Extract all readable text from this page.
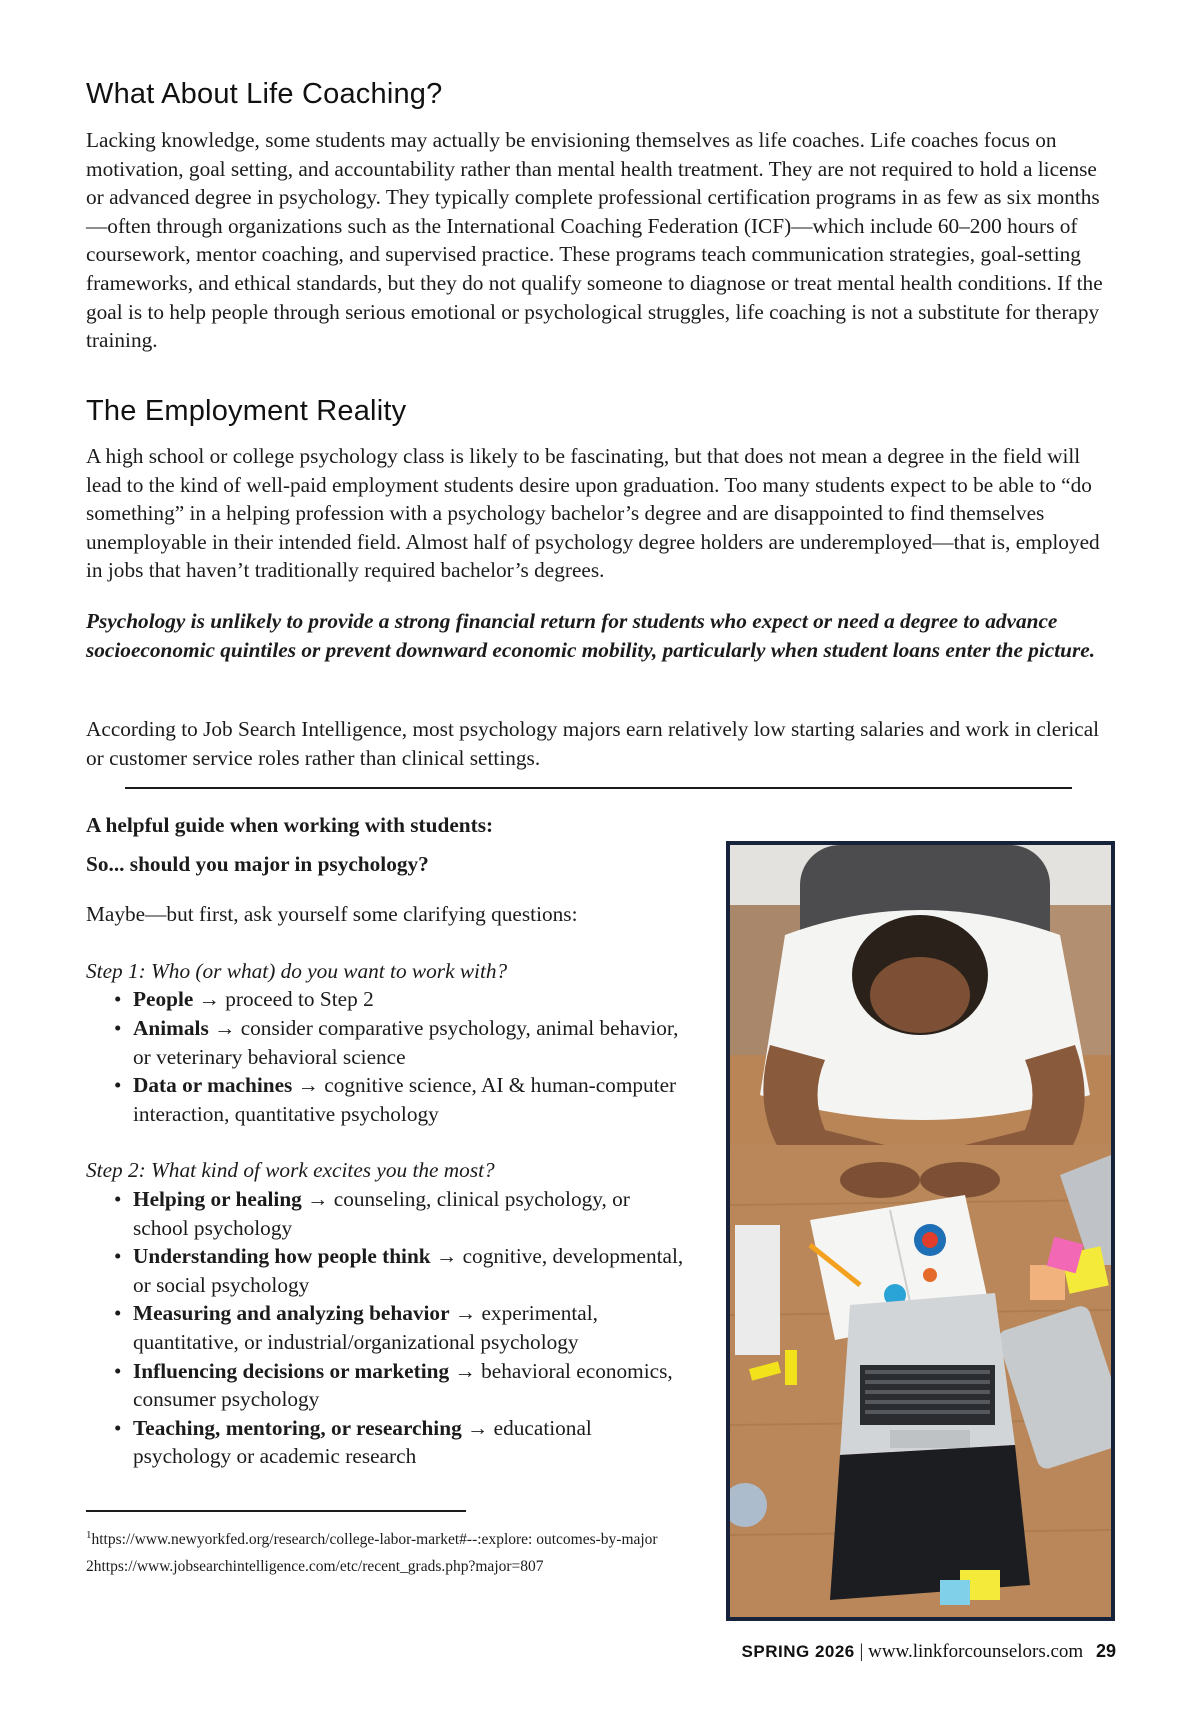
What About Life Coaching?

Lacking knowledge, some students may actually be envisioning themselves as life coaches. Life coaches focus on motivation, goal setting, and accountability rather than mental health treatment. They are not required to hold a license or advanced degree in psychology. They typically complete professional certification programs in as few as six months—often through organizations such as the International Coaching Federation (ICF)—which include 60–200 hours of coursework, mentor coaching, and supervised practice. These programs teach communication strategies, goal-setting frameworks, and ethical standards, but they do not qualify someone to diagnose or treat mental health conditions. If the goal is to help people through serious emotional or psychological struggles, life coaching is not a substitute for therapy training.

The Employment Reality

A high school or college psychology class is likely to be fascinating, but that does not mean a degree in the field will lead to the kind of well-paid employment students desire upon graduation. Too many students expect to be able to “do something” in a helping profession with a psychology bachelor’s degree and are disappointed to find themselves unemployable in their intended field. Almost half of psychology degree holders are underemployed—that is, employed in jobs that haven’t traditionally required bachelor’s degrees.

Psychology is unlikely to provide a strong financial return for students who expect or need a degree to advance socioeconomic quintiles or prevent downward economic mobility, particularly when student loans enter the picture.

According to Job Search Intelligence, most psychology majors earn relatively low starting salaries and work in clerical or customer service roles rather than clinical settings.

A helpful guide when working with students:

So... should you major in psychology?

Maybe—but first, ask yourself some clarifying questions:

Step 1: Who (or what) do you want to work with?

• People → proceed to Step 2
• Animals → consider comparative psychology, animal behavior, or veterinary behavioral science
• Data or machines → cognitive science, AI & human-computer interaction, quantitative psychology

Step 2: What kind of work excites you the most?

• Helping or healing → counseling, clinical psychology, or school psychology
• Understanding how people think → cognitive, developmental, or social psychology
• Measuring and analyzing behavior → experimental, quantitative, or industrial/organizational psychology
• Influencing decisions or marketing → behavioral economics, consumer psychology
• Teaching, mentoring, or researching → educational psychology or academic research

$^1$https://www.newyorkfed.org/research/college-labor-market#--:explore: outcomes-by-major

2https://www.jobsearchintelligence.com/etc/recent_grads.php?major=807

SPRING 2026 | www.linkforcounselors.com 29
